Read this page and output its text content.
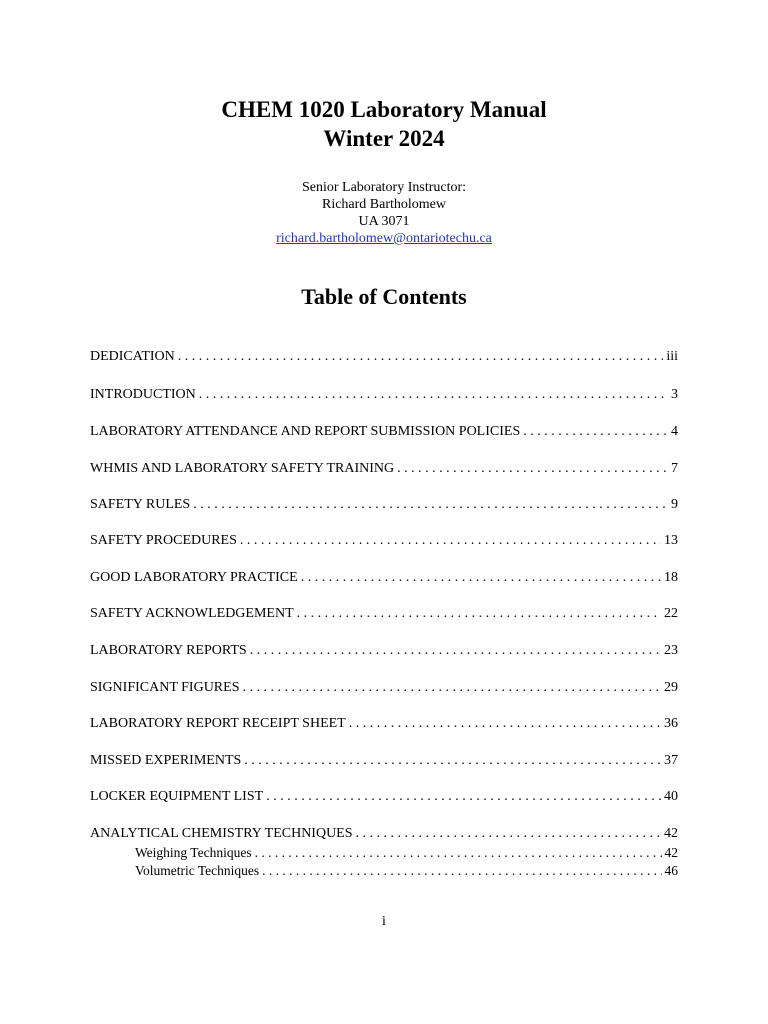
CHEM 1020 Laboratory Manual
Winter 2024
Senior Laboratory Instructor:
Richard Bartholomew
UA 3071
richard.bartholomew@ontariotechu.ca
Table of Contents
DEDICATION . . .	iii
INTRODUCTION . . .	3
LABORATORY ATTENDANCE AND REPORT SUBMISSION POLICIES . . .	4
WHMIS AND LABORATORY SAFETY TRAINING . . .	7
SAFETY RULES . . .	9
SAFETY PROCEDURES . . .	13
GOOD LABORATORY PRACTICE . . .	18
SAFETY ACKNOWLEDGEMENT . . .	22
LABORATORY REPORTS . . .	23
SIGNIFICANT FIGURES . . .	29
LABORATORY REPORT RECEIPT SHEET . . .	36
MISSED EXPERIMENTS . . .	37
LOCKER EQUIPMENT LIST . . .	40
ANALYTICAL CHEMISTRY TECHNIQUES . . .	42
Weighing Techniques . . .	42
Volumetric Techniques . . .	46
i
